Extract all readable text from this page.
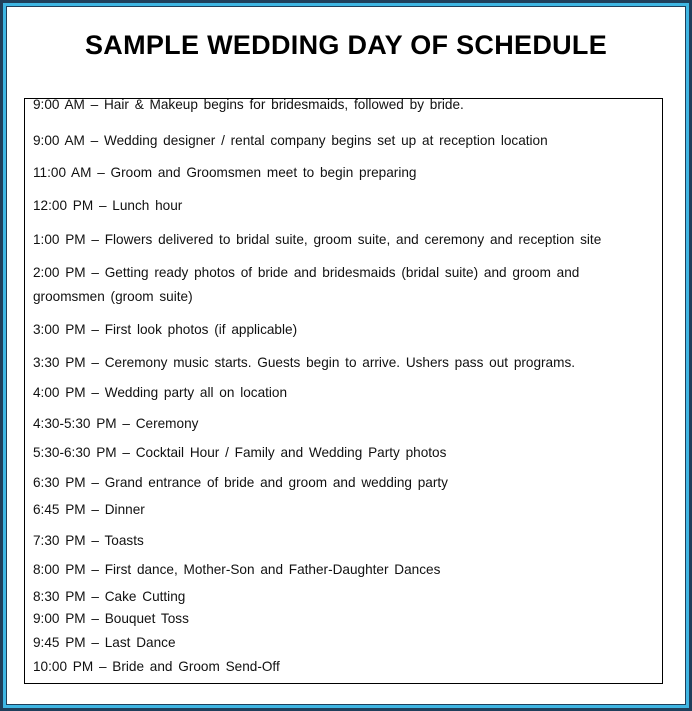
SAMPLE WEDDING DAY OF SCHEDULE
9:00 AM – Hair & Makeup begins for bridesmaids, followed by bride.
9:00 AM – Wedding designer / rental company begins set up at reception location
11:00 AM – Groom and Groomsmen meet to begin preparing
12:00 PM – Lunch hour
1:00 PM – Flowers delivered to bridal suite, groom suite, and ceremony and reception site
2:00 PM – Getting ready photos of bride and bridesmaids (bridal suite) and groom and groomsmen (groom suite)
3:00 PM – First look photos (if applicable)
3:30 PM – Ceremony music starts. Guests begin to arrive. Ushers pass out programs.
4:00 PM – Wedding party all on location
4:30-5:30 PM – Ceremony
5:30-6:30 PM – Cocktail Hour / Family and Wedding Party photos
6:30 PM – Grand entrance of bride and groom and wedding party
6:45 PM – Dinner
7:30 PM – Toasts
8:00 PM – First dance, Mother-Son and Father-Daughter Dances
8:30 PM – Cake Cutting
9:00 PM – Bouquet Toss
9:45 PM – Last Dance
10:00 PM – Bride and Groom Send-Off
